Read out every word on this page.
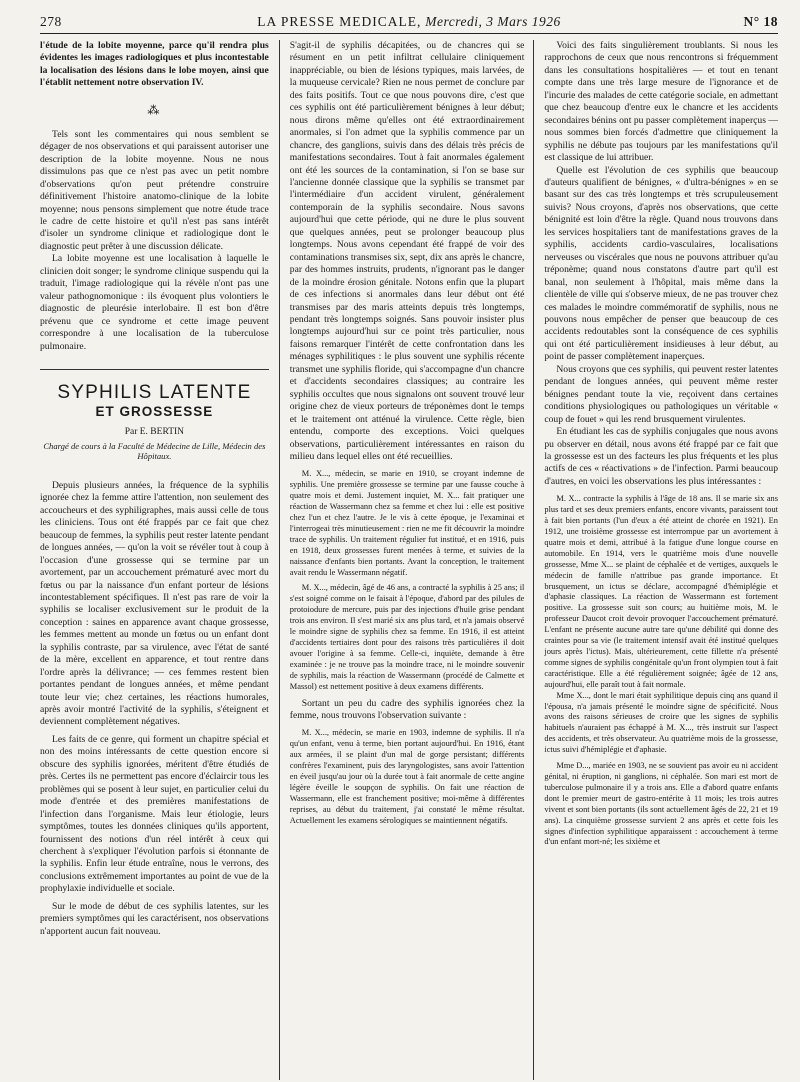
278	LA PRESSE MEDICALE, Mercredi, 3 Mars 1926	N° 18

l'étude de la lobite moyenne, parce qu'il rendra plus évidentes les images radiologiques et plus incontestable la localisation des lésions dans le lobe moyen, ainsi que l'établit nettement notre observation IV.

⁂

Tels sont les commentaires qui nous semblent se dégager de nos observations et qui paraissent autoriser une description de la lobite moyenne. Nous ne nous dissimulons pas que ce n'est pas avec un petit nombre d'observations qu'on peut prétendre construire définitivement l'histoire anatomo-clinique de la lobite moyenne; nous pensons simplement que notre étude trace le cadre de cette histoire et qu'il n'est pas sans intérêt d'isoler un syndrome clinique et radiologique dont le diagnostic peut prêter à une discussion délicate.

La lobite moyenne est une localisation à laquelle le clinicien doit songer; le syndrome clinique suspendu qui la traduit, l'image radiologique qui la révèle n'ont pas une valeur pathognomonique : ils évoquent plus volontiers le diagnostic de pleurésie interlobaire. Il est bon d'être prévenu que ce syndrome et cette image peuvent correspondre à une localisation de la tuberculose pulmonaire.

SYPHILIS LATENTE
ET GROSSESSE
Par E. BERTIN
Chargé de cours à la Faculté de Médecine de Lille, Médecin des Hôpitaux.

Depuis plusieurs années, la fréquence de la syphilis ignorée chez la femme attire l'attention, non seulement des accoucheurs et des syphiligraphes, mais aussi celle de tous les cliniciens. Tous ont été frappés par ce fait que chez beaucoup de femmes, la syphilis peut rester latente pendant de longues années, — qu'on la voit se révéler tout à coup à l'occasion d'une grossesse qui se termine par un avortement, par un accouchement prématuré avec mort du fœtus ou par la naissance d'un enfant porteur de lésions incontestablement spécifiques. Il n'est pas rare de voir la syphilis se localiser exclusivement sur le produit de la conception : saines en apparence avant chaque grossesse, les femmes mettent au monde un fœtus ou un enfant dont la syphilis contraste, par sa virulence, avec l'état de santé de la mère, excellent en apparence, et tout rentre dans l'ordre après la délivrance; — ces femmes restent bien portantes pendant de longues années, et même pendant toute leur vie; chez certaines, les réactions humorales, après avoir montré l'activité de la syphilis, s'éteignent et deviennent complètement négatives.

Les faits de ce genre, qui forment un chapitre spécial et non des moins intéressants de cette question encore si obscure des syphilis ignorées, méritent d'être étudiés de près. Certes ils ne permettent pas encore d'éclaircir tous les problèmes qui se posent à leur sujet, en particulier celui du mode d'entrée et des premières manifestations de l'infection dans l'organisme. Mais leur étiologie, leurs symptômes, toutes les données cliniques qu'ils apportent, fournissent des notions d'un réel intérêt à ceux qui cherchent à s'expliquer l'évolution parfois si étonnante de la syphilis. Enfin leur étude entraîne, nous le verrons, des conclusions extrêmement importantes au point de vue de la prophylaxie individuelle et sociale.

Sur le mode de début de ces syphilis latentes, sur les premiers symptômes qui les caractérisent, nos observations n'apportent aucun fait nouveau.

S'agit-il de syphilis décapitées, ou de chancres qui se résument en un petit infiltrat cellulaire cliniquement inappréciable, ou bien de lésions typiques, mais larvées, de la muqueuse cervicale? Rien ne nous permet de conclure par des faits positifs. Tout ce que nous pouvons dire, c'est que ces syphilis ont été particulièrement bénignes à leur début; nous dirons même qu'elles ont été extraordinairement anormales, si l'on admet que la syphilis commence par un chancre, des ganglions, suivis dans des délais très précis de manifestations secondaires. Tout à fait anormales également ont été les sources de la contamination, si l'on se base sur l'ancienne donnée classique que la syphilis se transmet par l'intermédiaire d'un accident virulent, généralement contemporain de la syphilis secondaire. Nous savons aujourd'hui que cette période, qui ne dure le plus souvent que quelques années, peut se prolonger beaucoup plus longtemps. Nous avons cependant été frappé de voir des contaminations transmises six, sept, dix ans après le chancre, par des hommes instruits, prudents, n'ignorant pas le danger de la moindre érosion génitale. Notons enfin que la plupart de ces infections si anormales dans leur début ont été transmises par des maris atteints depuis très longtemps, pendant très longtemps soignés. Sans pouvoir insister plus longtemps aujourd'hui sur ce point très particulier, nous faisons remarquer l'intérêt de cette confrontation dans les ménages syphilitiques : le plus souvent une syphilis récente transmet une syphilis floride, qui s'accompagne d'un chancre et d'accidents secondaires classiques; au contraire les syphilis occultes que nous signalons ont souvent trouvé leur origine chez de vieux porteurs de tréponèmes dont le temps et le traitement ont atténué la virulence. Cette règle, bien entendu, comporte des exceptions. Voici quelques observations, particulièrement intéressantes en raison du milieu dans lequel elles ont été recueillies.

M. X..., médecin, se marie en 1910, se croyant indemne de syphilis. Une première grossesse se termine par une fausse couche à quatre mois et demi. Justement inquiet, M. X... fait pratiquer une réaction de Wassermann chez sa femme et chez lui : elle est positive chez l'un et chez l'autre. Je le vis à cette époque, je l'examinai et l'interrogeai très minutieusement : rien ne me fit découvrir la moindre trace de syphilis. Un traitement régulier fut institué, et en 1916, puis en 1918, deux grossesses furent menées à terme, et suivies de la naissance d'enfants bien portants. Avant la conception, le traitement avait rendu le Wassermann négatif.

M. X..., médecin, âgé de 46 ans, a contracté la syphilis à 25 ans; il s'est soigné comme on le faisait à l'époque, d'abord par des pilules de protoiodure de mercure, puis par des injections d'huile grise pendant trois ans environ. Il s'est marié six ans plus tard, et n'a jamais observé le moindre signe de syphilis chez sa femme. En 1916, il est atteint d'accidents tertiaires dont pour des raisons très particulières il doit avouer l'origine à sa femme. Celle-ci, inquiète, demande à être examinée : je ne trouve pas la moindre trace, ni le moindre souvenir de syphilis, mais la réaction de Wassermann (procédé de Calmette et Massol) est nettement positive à deux examens différents.

Sortant un peu du cadre des syphilis ignorées chez la femme, nous trouvons l'observation suivante :

M. X..., médecin, se marie en 1903, indemne de syphilis. Il n'a qu'un enfant, venu à terme, bien portant aujourd'hui. En 1916, étant aux armées, il se plaint d'un mal de gorge persistant; différents confrères l'examinent, puis des laryngologistes, sans avoir l'attention en éveil jusqu'au jour où la durée tout à fait anormale de cette angine légère éveille le soupçon de syphilis. On fait une réaction de Wassermann, elle est franchement positive; moi-même à différentes reprises, au début du traitement, j'ai constaté le même résultat. Actuellement les examens sérologiques se maintiennent négatifs.

Voici des faits singulièrement troublants. Si nous les rapprochons de ceux que nous rencontrons si fréquemment dans les consultations hospitalières — et tout en tenant compte dans une très large mesure de l'ignorance et de l'incurie des malades de cette catégorie sociale, en admettant que chez beaucoup d'entre eux le chancre et les accidents secondaires bénins ont pu passer complètement inaperçus — nous sommes bien forcés d'admettre que cliniquement la syphilis ne débute pas toujours par les manifestations qu'il est classique de lui attribuer.

Quelle est l'évolution de ces syphilis que beaucoup d'auteurs qualifient de bénignes, « d'ultra-bénignes » en se basant sur des cas très longtemps et très scrupuleusement suivis? Nous croyons, d'après nos observations, que cette bénignité est loin d'être la règle. Quand nous trouvons dans les services hospitaliers tant de manifestations graves de la syphilis, accidents cardio-vasculaires, localisations nerveuses ou viscérales que nous ne pouvons attribuer qu'au tréponème; quand nous constatons d'autre part qu'il est banal, non seulement à l'hôpital, mais même dans la clientèle de ville qui s'observe mieux, de ne pas trouver chez ces malades le moindre commémoratif de syphilis, nous ne pouvons nous empêcher de penser que beaucoup de ces accidents redoutables sont la conséquence de ces syphilis qui ont été particulièrement insidieuses à leur début, au point de passer complètement inaperçues.

Nous croyons que ces syphilis, qui peuvent rester latentes pendant de longues années, qui peuvent même rester bénignes pendant toute la vie, reçoivent dans certaines conditions physiologiques ou pathologiques un véritable « coup de fouet » qui les rend brusquement virulentes.

En étudiant les cas de syphilis conjugales que nous avons pu observer en détail, nous avons été frappé par ce fait que la grossesse est un des facteurs les plus fréquents et les plus actifs de ces « réactivations » de l'infection. Parmi beaucoup d'autres, en voici les observations les plus intéressantes :

M. X... contracte la syphilis à l'âge de 18 ans. Il se marie six ans plus tard et ses deux premiers enfants, encore vivants, paraissent tout à fait bien portants (l'un d'eux a été atteint de chorée en 1921). En 1912, une troisième grossesse est interrompue par un avortement à quatre mois et demi, attribué à la fatigue d'une longue course en automobile. En 1914, vers le quatrième mois d'une nouvelle grossesse, Mme X... se plaint de céphalée et de vertiges, auxquels le médecin de famille n'attribue pas grande importance. Et brusquement, un ictus se déclare, accompagné d'hémiplégie et d'aphasie classiques. La réaction de Wassermann est fortement positive. La grossesse suit son cours; au huitième mois, M. le professeur Daucot croit devoir provoquer l'accouchement prématuré. L'enfant ne présente aucune autre tare qu'une débilité qui donne des craintes pour sa vie (le traitement intensif avait été institué quelques jours après l'ictus). Mais, ultérieurement, cette fillette n'a présenté comme signes de syphilis congénitale qu'un front olympien tout à fait caractéristique. Elle a été régulièrement soignée; âgée de 12 ans, aujourd'hui, elle paraît tout à fait normale.

Mme X..., dont le mari était syphilitique depuis cinq ans quand il l'épousa, n'a jamais présenté le moindre signe de spécificité. Nous avons des raisons sérieuses de croire que les signes de syphilis habituels n'auraient pas échappé à M. X..., très instruit sur l'aspect des accidents, et très observateur. Au quatrième mois de la grossesse, ictus suivi d'hémiplégie et d'aphasie.

Mme D..., mariée en 1903, ne se souvient pas avoir eu ni accident génital, ni éruption, ni ganglions, ni céphalée. Son mari est mort de tuberculose pulmonaire il y a trois ans. Elle a d'abord quatre enfants dont le premier meurt de gastro-entérite à 11 mois; les trois autres vivent et sont bien portants (ils sont actuellement âgés de 22, 21 et 19 ans). La cinquième grossesse survient 2 ans après et cette fois les signes d'infection syphilitique apparaissent : accouchement à terme d'un enfant mort-né; les sixième et
